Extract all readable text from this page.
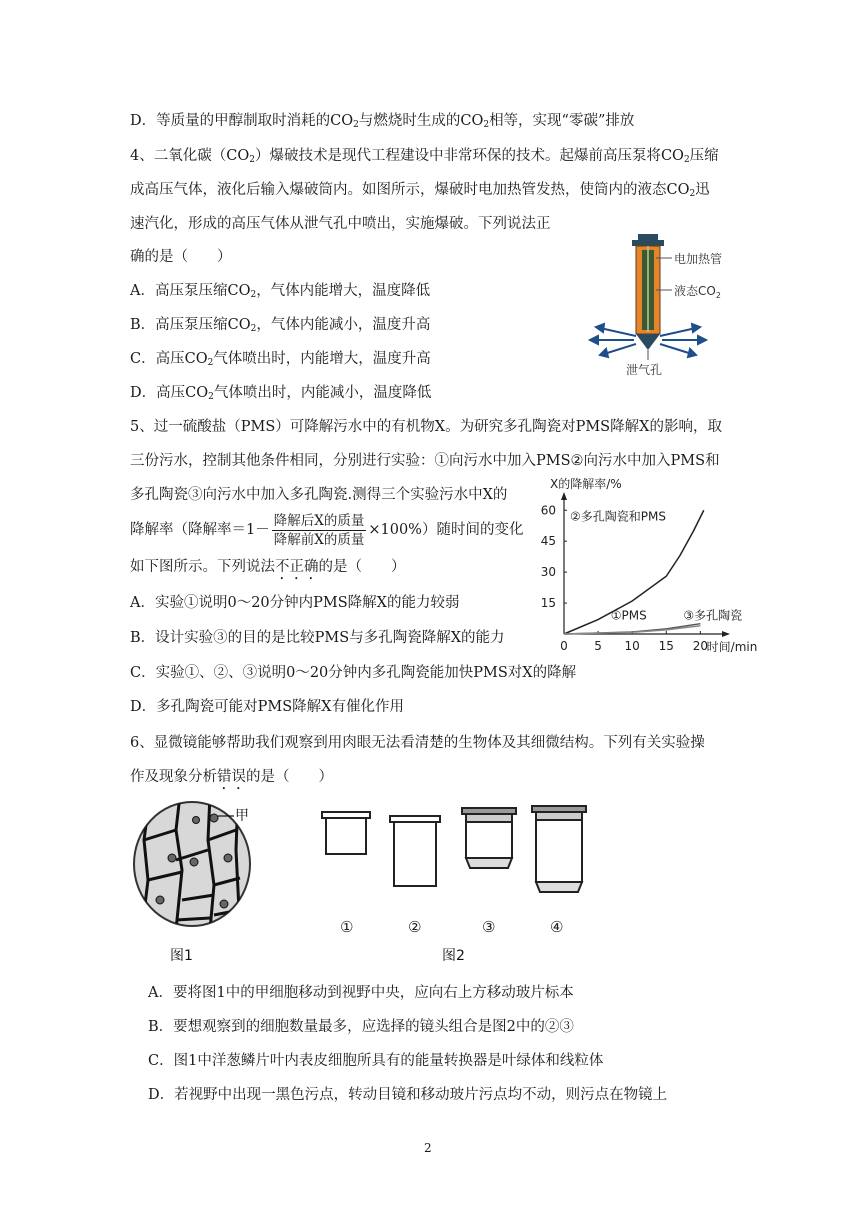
D．等质量的甲醇制取时消耗的$CO_2$与燃烧时生成的$CO_2$相等，实现“零碳”排放
4、二氧化碳$(CO_2)$爆破技术是现代工程建设中非常环保的技术。起爆前高压泵将$CO_2$压缩
成高压气体，液化后输入爆破筒内。如图所示，爆破时电加热管发热，使筒内的液态$CO_2$迅
速汽化，形成的高压气体从泄气孔中喷出，实施爆破。下列说法正
确的是（　　）
A．高压泵压缩$CO_2$，气体内能增大，温度降低
B．高压泵压缩$CO_2$，气体内能减小，温度升高
C．高压$CO_2$气体喷出时，内能增大，温度升高
D．高压$CO_2$气体喷出时，内能减小，温度降低
电加热管
液态$CO_2$
泄气孔
5、过一硫酸盐（PMS）可降解污水中的有机物X。为研究多孔陶瓷对PMS降解X的影响，取
三份污水，控制其他条件相同，分别进行实验：①向污水中加入PMS②向污水中加入PMS和
多孔陶瓷③向污水中加入多孔陶瓷.测得三个实验污水中X的
降解率（降解率$=1- \frac{\text{降解后X的质量}}{\text{降解前X的质量}} \times 100\%$）随时间的变化
如下图所示。下列说法不正确的是（　　）
A．实验①说明0～20分钟内PMS降解X的能力较弱
B．设计实验③的目的是比较PMS与多孔陶瓷降解X的能力
C．实验①、②、③说明0～20分钟内多孔陶瓷能加快PMS对X的降解
D．多孔陶瓷可能对PMS降解X有催化作用
0 5 10 15 20
15
30
45
60
时间/min
X的降解率/%
②多孔陶瓷和PMS
①PMS	③多孔陶瓷
6、显微镜能够帮助我们观察到用肉眼无法看清楚的生物体及其细微结构。下列有关实验操
作及现象分析错误的是（　　）
甲
图1
①	②	③	④
图2
A．要将图1中的甲细胞移动到视野中央，应向右上方移动玻片标本
B．要想观察到的细胞数量最多，应选择的镜头组合是图2中的②③
C．图1中洋葱鳞片叶内表皮细胞所具有的能量转换器是叶绿体和线粒体
D．若视野中出现一黑色污点，转动目镜和移动玻片污点均不动，则污点在物镜上
2
